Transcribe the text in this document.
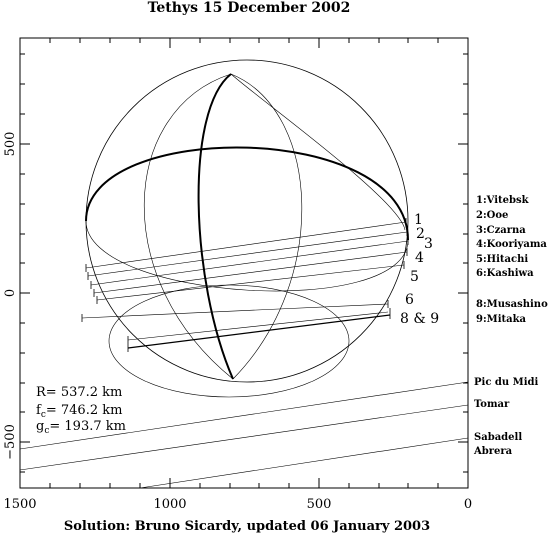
Tethys 15 December 2002
1500	1000	500	0
500
0
−500
1
2
3
4
5
6
8 & 9
1:Vitebsk
2:Ooe
3:Czarna
4:Kooriyama
5:Hitachi
6:Kashiwa
8:Musashino
9:Mitaka
Pic du Midi
Tomar
Sabadell
Abrera
R= 537.2 km
$f_c= 746.2$ km
$g_c= 193.7$ km
Solution: Bruno Sicardy, updated 06 January 2003
